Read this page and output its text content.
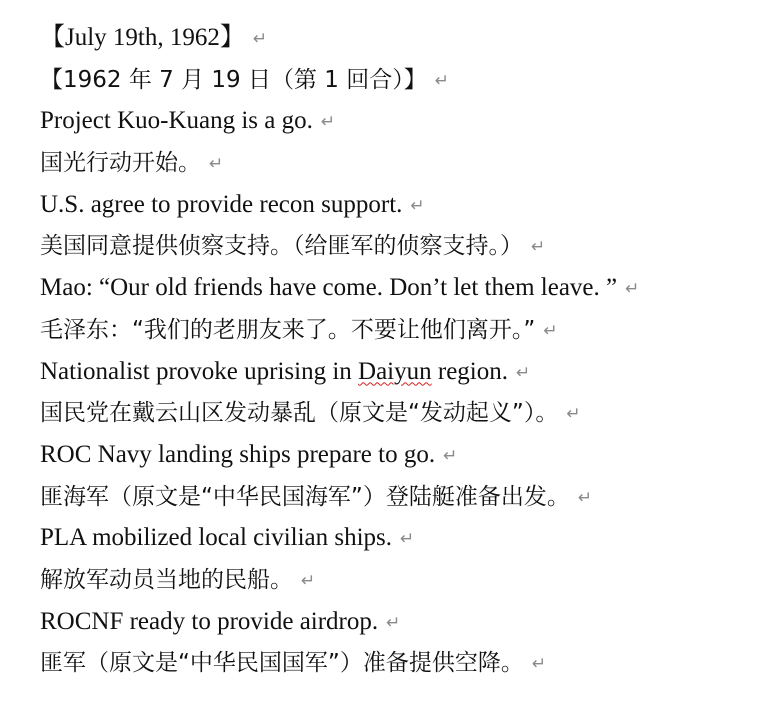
【July 19th, 1962】 ↵
【1962 年 7 月 19 日（第 1 回合）】 ↵
Project Kuo-Kuang is a go. ↵
国光行动开始。 ↵
U.S. agree to provide recon support. ↵
美国同意提供侦察支持。（给匪军的侦察支持。） ↵
Mao: “Our old friends have come. Don’t let them leave. ” ↵
毛泽东：“我们的老朋友来了。不要让他们离开。” ↵
Nationalist provoke uprising in Daiyun region. ↵
国民党在戴云山区发动暴乱（原文是“发动起义”）。 ↵
ROC Navy landing ships prepare to go. ↵
匪海军（原文是“中华民国海军”）登陆艇准备出发。 ↵
PLA mobilized local civilian ships. ↵
解放军动员当地的民船。 ↵
ROCNF ready to provide airdrop. ↵
匪军（原文是“中华民国国军”）准备提供空降。 ↵
